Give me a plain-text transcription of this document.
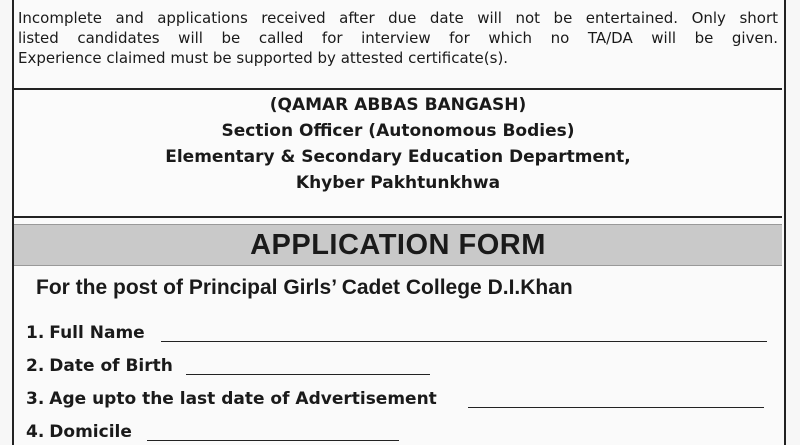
Incomplete and applications received after due date will not be entertained. Only short
listed candidates will be called for interview for which no TA/DA will be given.
Experience claimed must be supported by attested certificate(s).
(QAMAR ABBAS BANGASH)
Section Officer (Autonomous Bodies)
Elementary & Secondary Education Department,
Khyber Pakhtunkhwa
APPLICATION FORM
For the post of Principal Girls’ Cadet College D.I.Khan
1. Full Name
2. Date of Birth
3. Age upto the last date of Advertisement
4. Domicile
